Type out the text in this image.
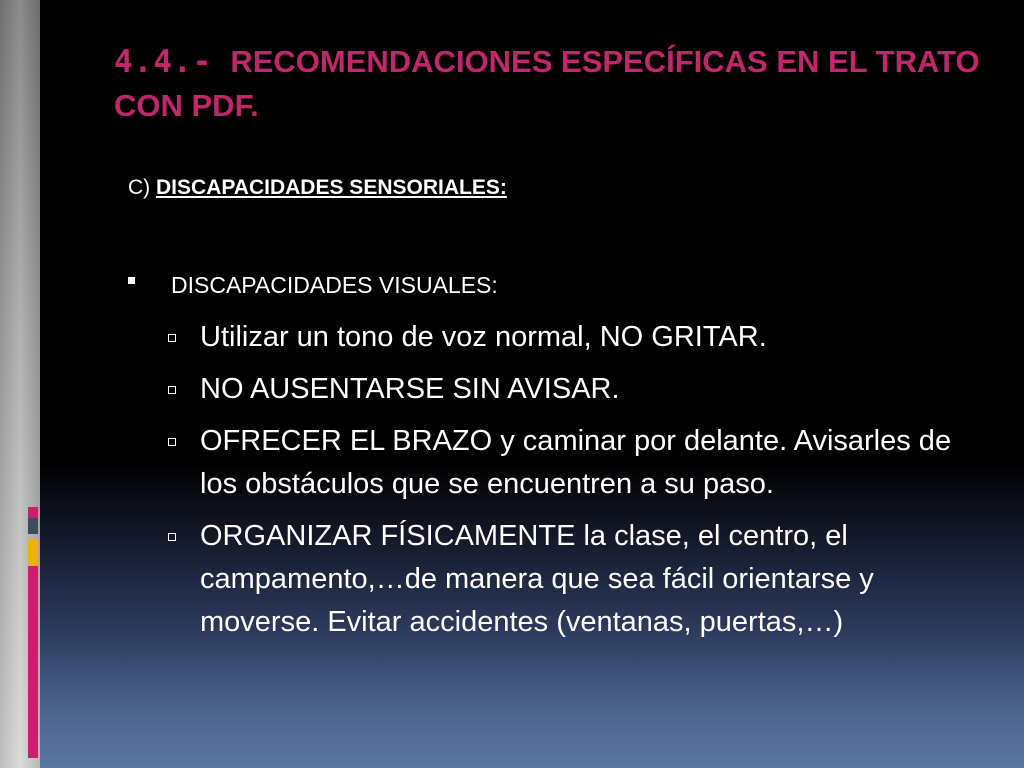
4.4.- RECOMENDACIONES ESPECÍFICAS EN EL TRATO CON PDF.
C) DISCAPACIDADES SENSORIALES:
DISCAPACIDADES VISUALES:
Utilizar un tono de voz normal, NO GRITAR.
NO AUSENTARSE SIN AVISAR.
OFRECER EL BRAZO y caminar por delante. Avisarles de los obstáculos que se encuentren a su paso.
ORGANIZAR FÍSICAMENTE la clase, el centro, el campamento,…de manera que sea fácil orientarse y moverse. Evitar accidentes (ventanas, puertas,…)
